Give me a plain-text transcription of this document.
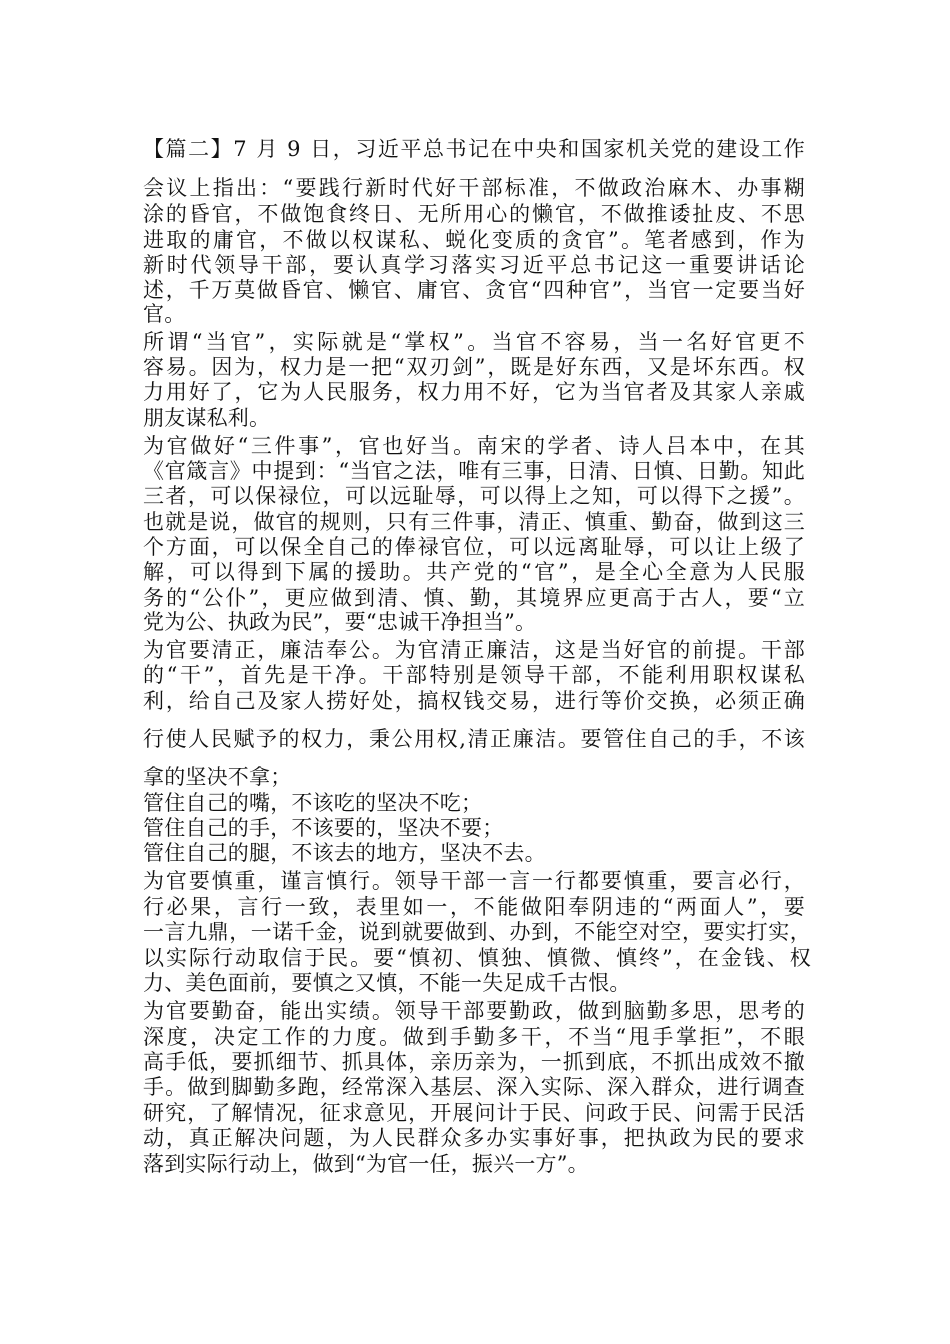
【篇二】7 月 9 日，习近平总书记在中央和国家机关党的建设工作
会议上指出：“要践行新时代好干部标准，不做政治麻木、办事糊
涂的昏官，不做饱食终日、无所用心的懒官，不做推诿扯皮、不思
进取的庸官，不做以权谋私、蜕化变质的贪官”。笔者感到，作为
新时代领导干部，要认真学习落实习近平总书记这一重要讲话论
述，千万莫做昏官、懒官、庸官、贪官“四种官”，当官一定要当好
官。
所谓“当官”，实际就是“掌权”。当官不容易，当一名好官更不
容易。因为，权力是一把“双刃剑”，既是好东西，又是坏东西。权
力用好了，它为人民服务，权力用不好，它为当官者及其家人亲戚
朋友谋私利。
为官做好“三件事”，官也好当。南宋的学者、诗人吕本中，在其
《官箴言》中提到：“当官之法，唯有三事，日清、日慎、日勤。知此
三者，可以保禄位，可以远耻辱，可以得上之知，可以得下之援”。
也就是说，做官的规则，只有三件事，清正、慎重、勤奋，做到这三
个方面，可以保全自己的俸禄官位，可以远离耻辱，可以让上级了
解，可以得到下属的援助。共产党的“官”，是全心全意为人民服
务的“公仆”，更应做到清、慎、勤，其境界应更高于古人，要“立
党为公、执政为民”，要“忠诚干净担当”。
为官要清正，廉洁奉公。为官清正廉洁，这是当好官的前提。干部
的“干”，首先是干净。干部特别是领导干部，不能利用职权谋私
利，给自己及家人捞好处，搞权钱交易，进行等价交换，必须正确
行使人民赋予的权力，秉公用权,清正廉洁。要管住自己的手，不该
拿的坚决不拿；
管住自己的嘴，不该吃的坚决不吃；
管住自己的手，不该要的，坚决不要；
管住自己的腿，不该去的地方，坚决不去。
为官要慎重，谨言慎行。领导干部一言一行都要慎重，要言必行，
行必果，言行一致，表里如一，不能做阳奉阴违的“两面人”，要
一言九鼎，一诺千金，说到就要做到、办到，不能空对空，要实打实，
以实际行动取信于民。要“慎初、慎独、慎微、慎终”，在金钱、权
力、美色面前，要慎之又慎，不能一失足成千古恨。
为官要勤奋，能出实绩。领导干部要勤政，做到脑勤多思，思考的
深度，决定工作的力度。做到手勤多干，不当“甩手掌拒”，不眼
高手低，要抓细节、抓具体，亲历亲为，一抓到底，不抓出成效不撤
手。做到脚勤多跑，经常深入基层、深入实际、深入群众，进行调查
研究，了解情况，征求意见，开展问计于民、问政于民、问需于民活
动，真正解决问题，为人民群众多办实事好事，把执政为民的要求
落到实际行动上，做到“为官一任，振兴一方”。
